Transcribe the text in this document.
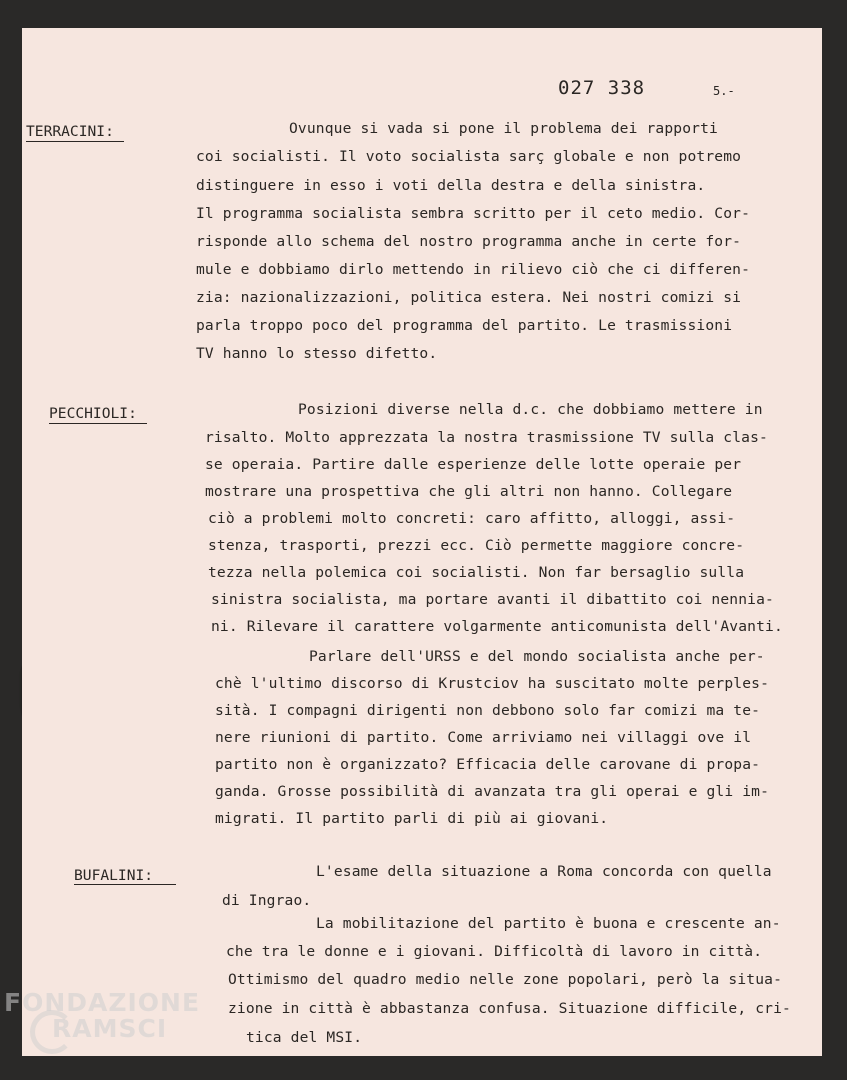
027 338	5.-
TERRACINI:
PECCHIOLI:
BUFALINI:
Ovunque si vada si pone il problema dei rapporti
coi socialisti. Il voto socialista sarç globale e non potremo
distinguere in esso i voti della destra e della sinistra.
Il programma socialista sembra scritto per il ceto medio. Cor-
risponde allo schema del nostro programma anche in certe for-
mule e dobbiamo dirlo mettendo in rilievo ciò che ci differen-
zia: nazionalizzazioni, politica estera. Nei nostri comizi si
parla troppo poco del programma del partito. Le trasmissioni
TV hanno lo stesso difetto.
Posizioni diverse nella d.c. che dobbiamo mettere in
risalto. Molto apprezzata la nostra trasmissione TV sulla clas-
se operaia. Partire dalle esperienze delle lotte operaie per
mostrare una prospettiva che gli altri non hanno. Collegare
ciò a problemi molto concreti: caro affitto, alloggi, assi-
stenza, trasporti, prezzi ecc. Ciò permette maggiore concre-
tezza nella polemica coi socialisti. Non far bersaglio sulla
sinistra socialista, ma portare avanti il dibattito coi nennia-
ni. Rilevare il carattere volgarmente anticomunista dell'Avanti.
Parlare dell'URSS e del mondo socialista anche per-
chè l'ultimo discorso di Krustciov ha suscitato molte perples-
sità. I compagni dirigenti non debbono solo far comizi ma te-
nere riunioni di partito. Come arriviamo nei villaggi ove il
partito non è organizzato? Efficacia delle carovane di propa-
ganda. Grosse possibilità di avanzata tra gli operai e gli im-
migrati. Il partito parli di più ai giovani.
L'esame della situazione a Roma concorda con quella
di Ingrao.
La mobilitazione del partito è buona e crescente an-
che tra le donne e i giovani. Difficoltà di lavoro in città.
Ottimismo del quadro medio nelle zone popolari, però la situa-
zione in città è abbastanza confusa. Situazione difficile, cri-
tica del MSI.
FONDAZIONE
RAMSCI
